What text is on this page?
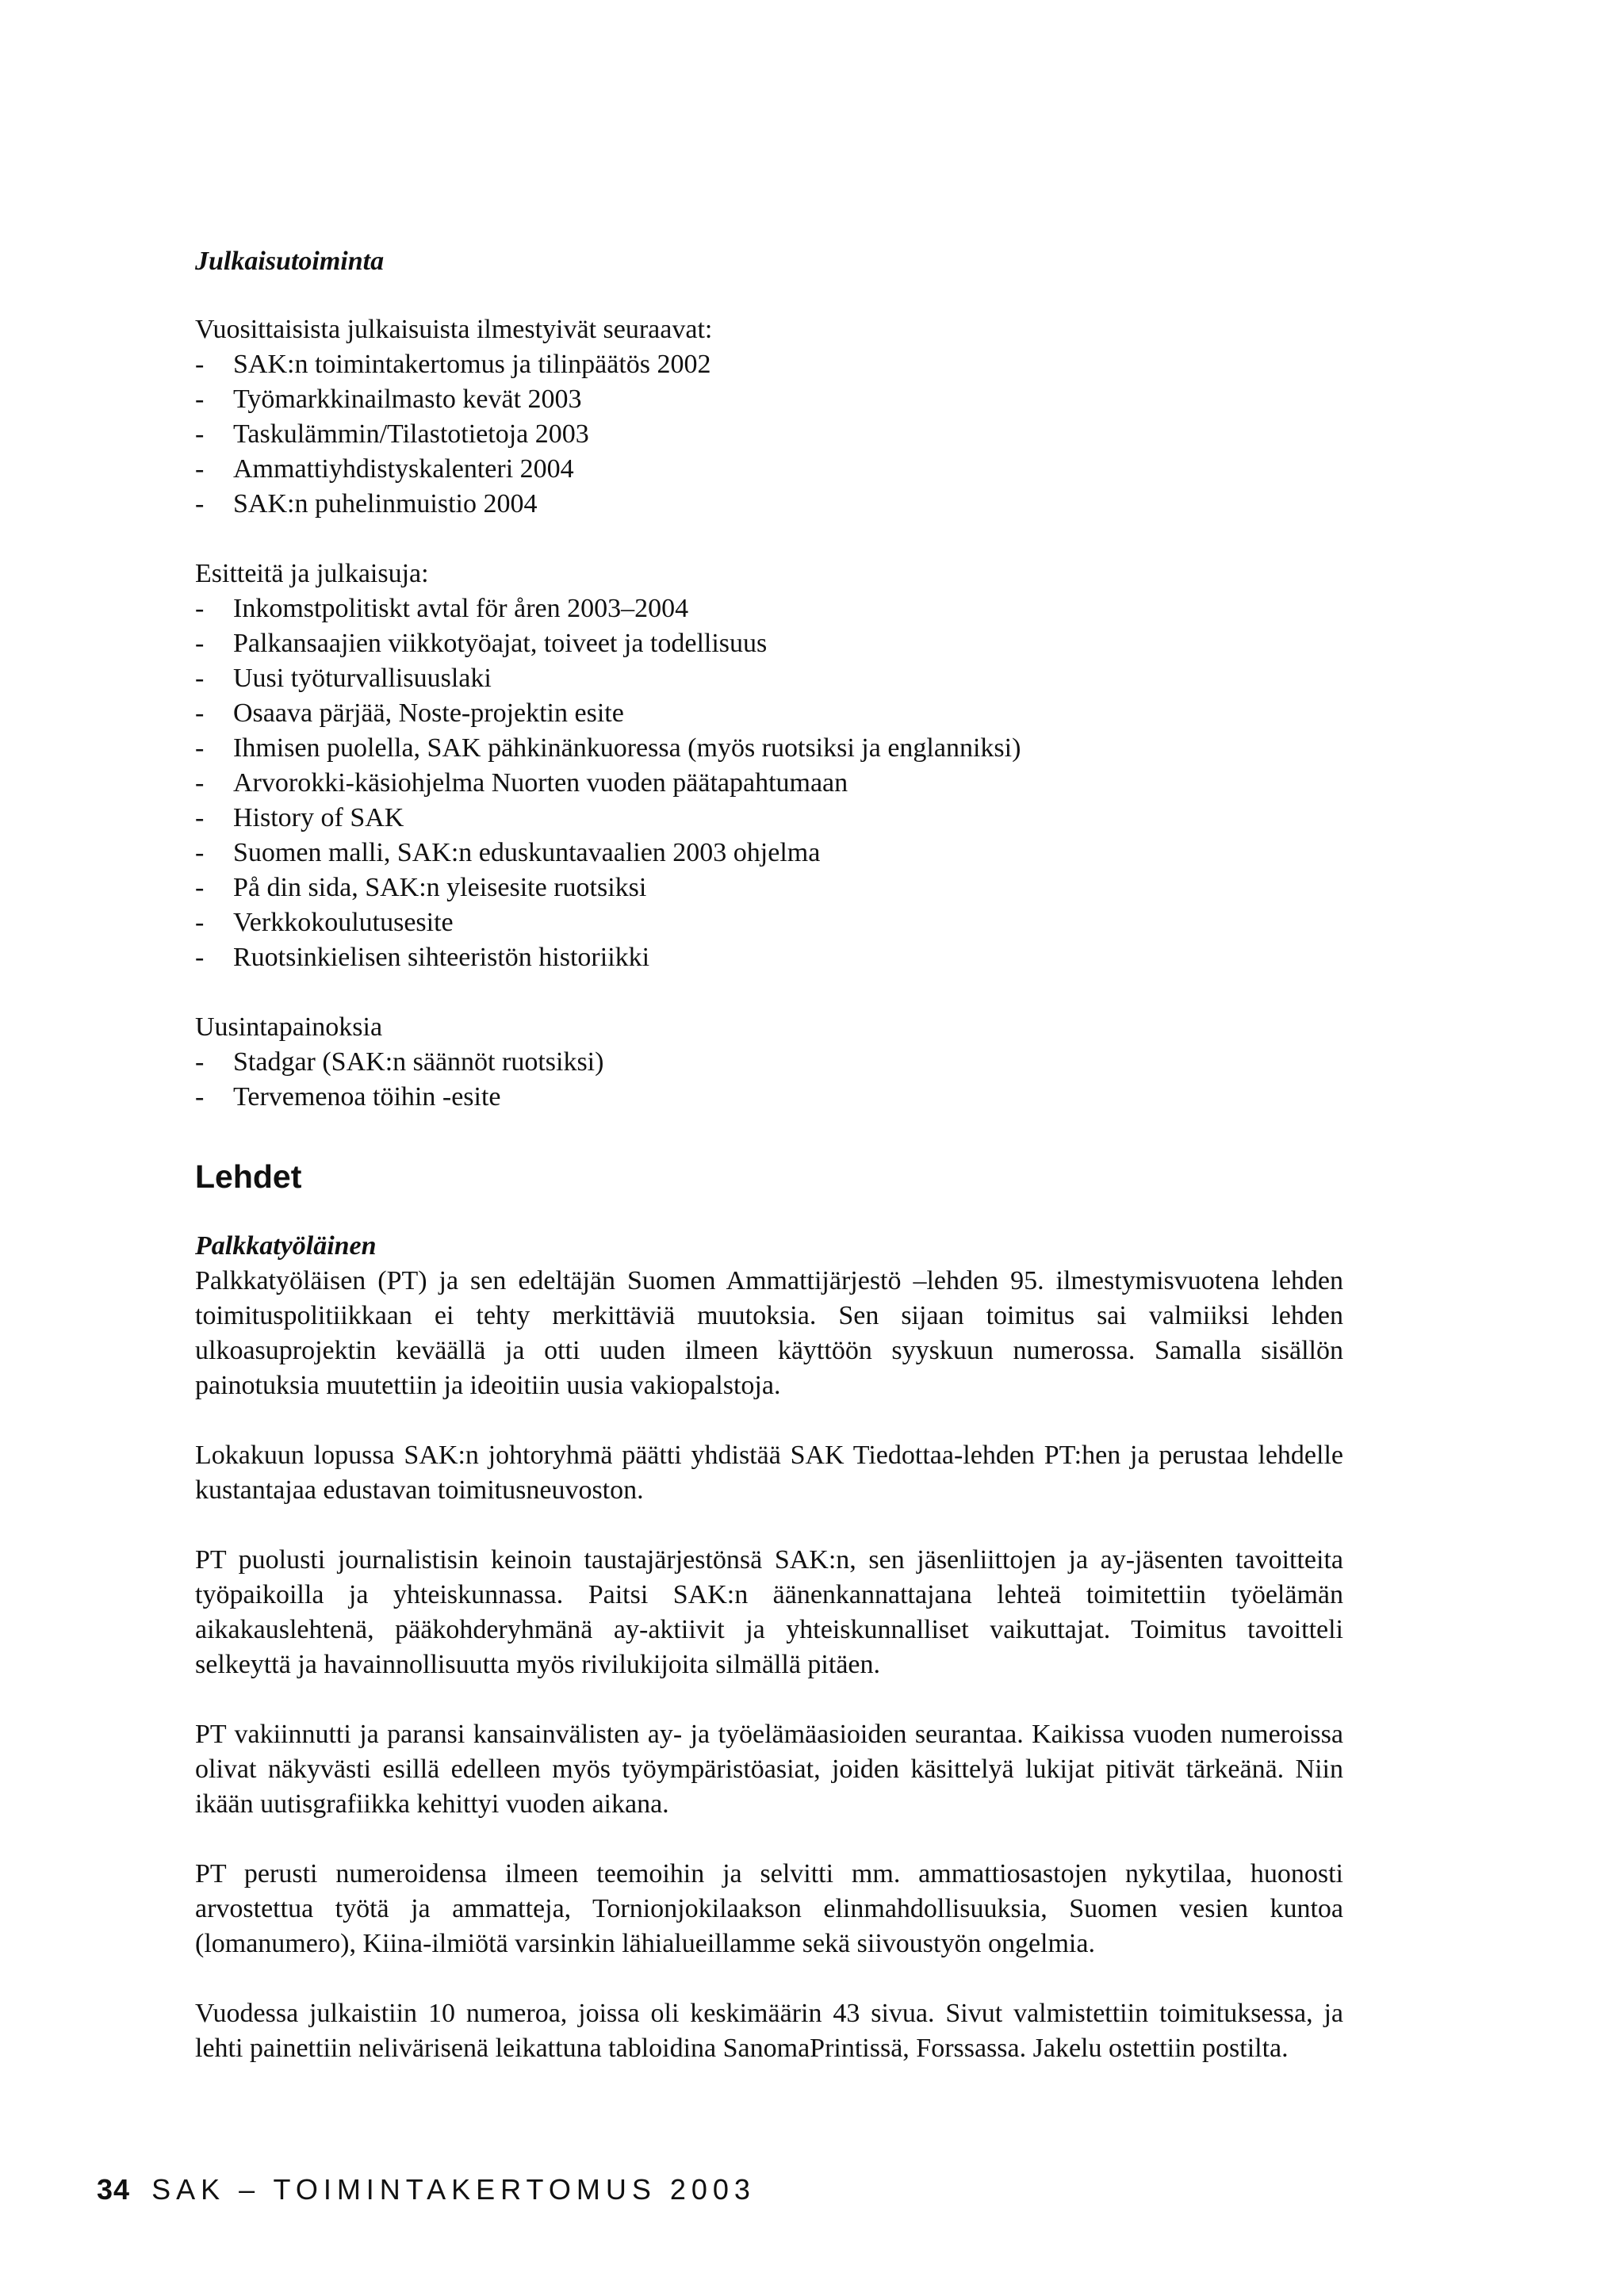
Julkaisutoiminta

Vuosittaisista julkaisuista ilmestyivät seuraavat:

-	SAK:n toimintakertomus ja tilinpäätös 2002
-	Työmarkkinailmasto kevät 2003
-	Taskulämmin/Tilastotietoja 2003
-	Ammattiyhdistyskalenteri 2004
-	SAK:n puhelinmuistio 2004

Esitteitä ja julkaisuja:

-	Inkomstpolitiskt avtal för åren 2003–2004
-	Palkansaajien viikkotyöajat, toiveet ja todellisuus
-	Uusi työturvallisuuslaki
-	Osaava pärjää, Noste-projektin esite
-	Ihmisen puolella, SAK pähkinänkuoressa (myös ruotsiksi ja englanniksi)
-	Arvorokki-käsiohjelma Nuorten vuoden päätapahtumaan
-	History of SAK
-	Suomen malli, SAK:n eduskuntavaalien 2003 ohjelma
-	På din sida, SAK:n yleisesite ruotsiksi
-	Verkkokoulutusesite
-	Ruotsinkielisen sihteeristön historiikki

Uusintapainoksia

-	Stadgar (SAK:n säännöt ruotsiksi)
-	Tervemenoa töihin -esite
Lehdet

Palkkatyöläinen

Palkkatyöläisen (PT) ja sen edeltäjän Suomen Ammattijärjestö –lehden 95. ilmestymisvuotena lehden toimituspolitiikkaan ei tehty merkittäviä muutoksia. Sen sijaan toimitus sai valmiiksi lehden ulkoasuprojektin keväällä ja otti uuden ilmeen käyttöön syyskuun numerossa. Samalla sisällön painotuksia muutettiin ja ideoitiin uusia vakiopalstoja.

Lokakuun lopussa SAK:n johtoryhmä päätti yhdistää SAK Tiedottaa-lehden PT:hen ja perustaa lehdelle kustantajaa edustavan toimitusneuvoston.

PT puolusti journalistisin keinoin taustajärjestönsä SAK:n, sen jäsenliittojen ja ay-jäsenten tavoitteita työpaikoilla ja yhteiskunnassa. Paitsi SAK:n äänenkannattajana lehteä toimitettiin työelämän aikakauslehtenä, pääkohderyhmänä ay-aktiivit ja yhteiskunnalliset vaikuttajat. Toimitus tavoitteli selkeyttä ja havainnollisuutta myös rivilukijoita silmällä pitäen.

PT vakiinnutti ja paransi kansainvälisten ay- ja työelämäasioiden seurantaa. Kaikissa vuoden numeroissa olivat näkyvästi esillä edelleen myös työympäristöasiat, joiden käsittelyä lukijat pitivät tärkeänä. Niin ikään uutisgrafiikka kehittyi vuoden aikana.

PT perusti numeroidensa ilmeen teemoihin ja selvitti mm. ammattiosastojen nykytilaa, huonosti arvostettua työtä ja ammatteja, Tornionjokilaakson elinmahdollisuuksia, Suomen vesien kuntoa (lomanumero), Kiina-ilmiötä varsinkin lähialueillamme sekä siivoustyön ongelmia.

Vuodessa julkaistiin 10 numeroa, joissa oli keskimäärin 43 sivua. Sivut valmistettiin toimituksessa, ja lehti painettiin nelivärisenä leikattuna tabloidina SanomaPrintissä, Forssassa. Jakelu ostettiin postilta.

34 SAK – TOIMINTAKERTOMUS 2003
